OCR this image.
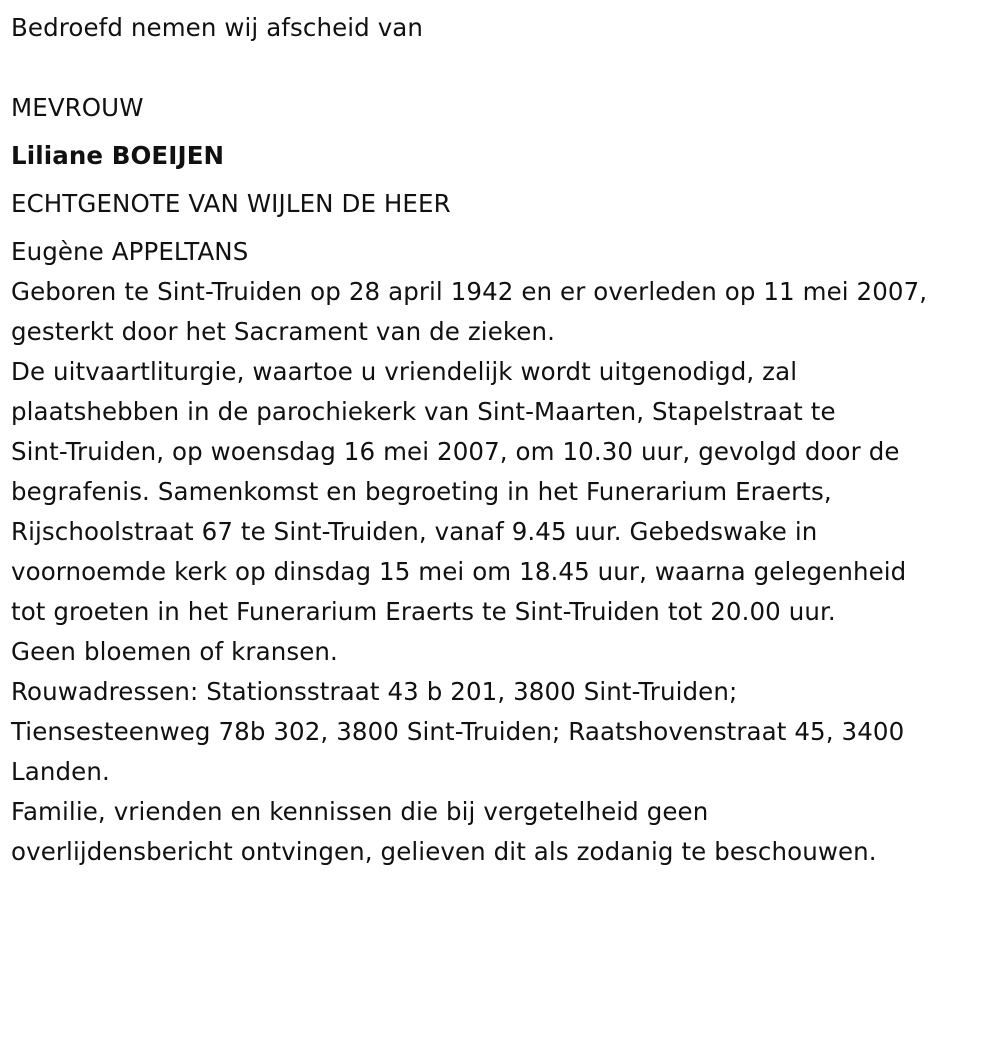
Bedroefd nemen wij afscheid van
MEVROUW
Liliane BOEIJEN
ECHTGENOTE VAN WIJLEN DE HEER
Eugène APPELTANS
Geboren te Sint-Truiden op 28 april 1942 en er overleden op 11 mei 2007,
gesterkt door het Sacrament van de zieken.
De uitvaartliturgie, waartoe u vriendelijk wordt uitgenodigd, zal
plaatshebben in de parochiekerk van Sint-Maarten, Stapelstraat te
Sint-Truiden, op woensdag 16 mei 2007, om 10.30 uur, gevolgd door de
begrafenis. Samenkomst en begroeting in het Funerarium Eraerts,
Rijschoolstraat 67 te Sint-Truiden, vanaf 9.45 uur. Gebedswake in
voornoemde kerk op dinsdag 15 mei om 18.45 uur, waarna gelegenheid
tot groeten in het Funerarium Eraerts te Sint-Truiden tot 20.00 uur.
Geen bloemen of kransen.
Rouwadressen: Stationsstraat 43 b 201, 3800 Sint-Truiden;
Tiensesteenweg 78b 302, 3800 Sint-Truiden; Raatshovenstraat 45, 3400
Landen.
Familie, vrienden en kennissen die bij vergetelheid geen
overlijdensbericht ontvingen, gelieven dit als zodanig te beschouwen.
